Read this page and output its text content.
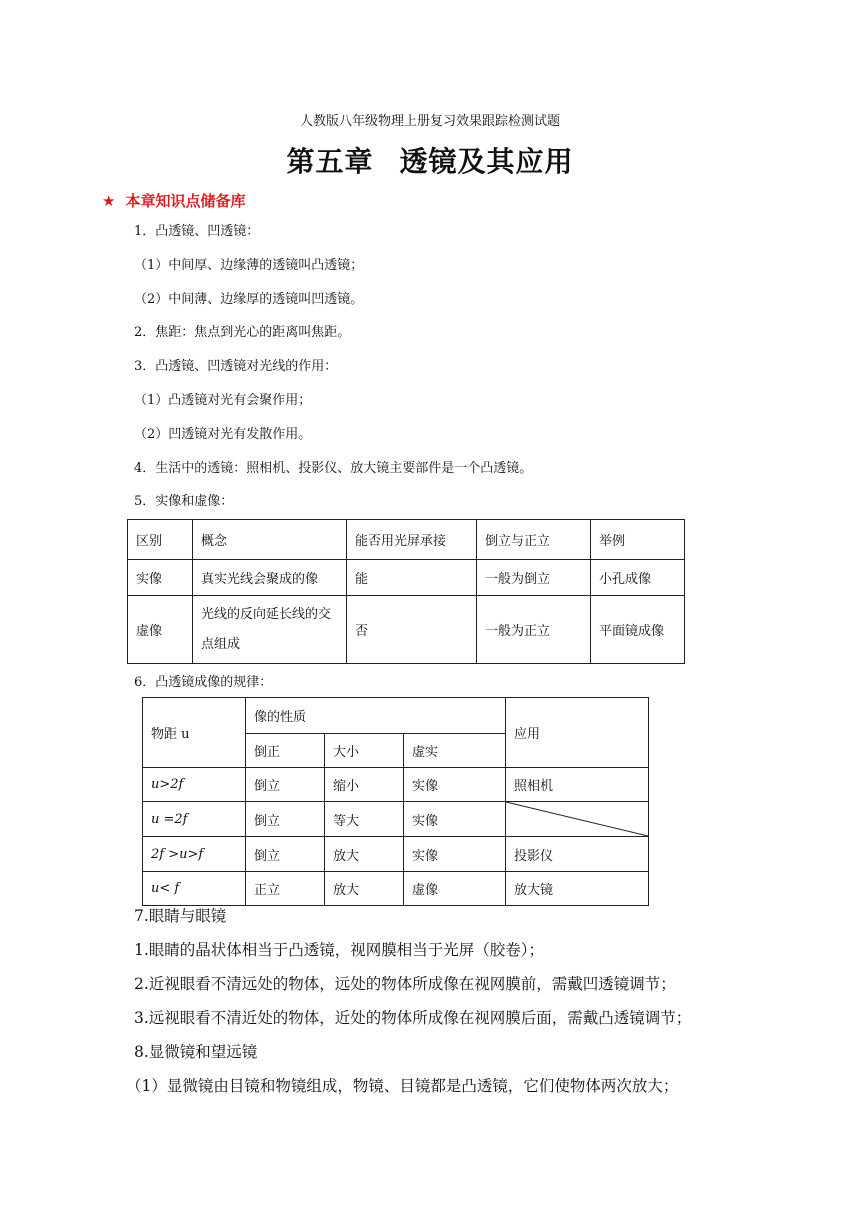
人教版八年级物理上册复习效果跟踪检测试题
第五章 透镜及其应用
★ 本章知识点储备库
1．凸透镜、凹透镜：
（1）中间厚、边缘薄的透镜叫凸透镜；
（2）中间薄、边缘厚的透镜叫凹透镜。
2．焦距：焦点到光心的距离叫焦距。
3．凸透镜、凹透镜对光线的作用：
（1）凸透镜对光有会聚作用；
（2）凹透镜对光有发散作用。
4．生活中的透镜：照相机、投影仪、放大镜主要部件是一个凸透镜。
5．实像和虚像：
区别	概念	能否用光屏承接	倒立与正立	举例
实像	真实光线会聚成的像	能	一般为倒立	小孔成像
虚像	光线的反向延长线的交点组成	否	一般为正立	平面镜成像
6．凸透镜成像的规律：
物距 u	像的性质			应用
	倒正	大小	虚实	
u>2f	倒立	缩小	实像	照相机
u =2f	倒立	等大	实像	

2f >u>f	倒立	放大	实像	投影仪
u< f	正立	放大	虚像	放大镜
7.眼睛与眼镜
1.眼睛的晶状体相当于凸透镜，视网膜相当于光屏（胶卷）；
2.近视眼看不清远处的物体，远处的物体所成像在视网膜前，需戴凹透镜调节；
3.远视眼看不清近处的物体，近处的物体所成像在视网膜后面，需戴凸透镜调节；
8.显微镜和望远镜
（1）显微镜由目镜和物镜组成，物镜、目镜都是凸透镜，它们使物体两次放大；
